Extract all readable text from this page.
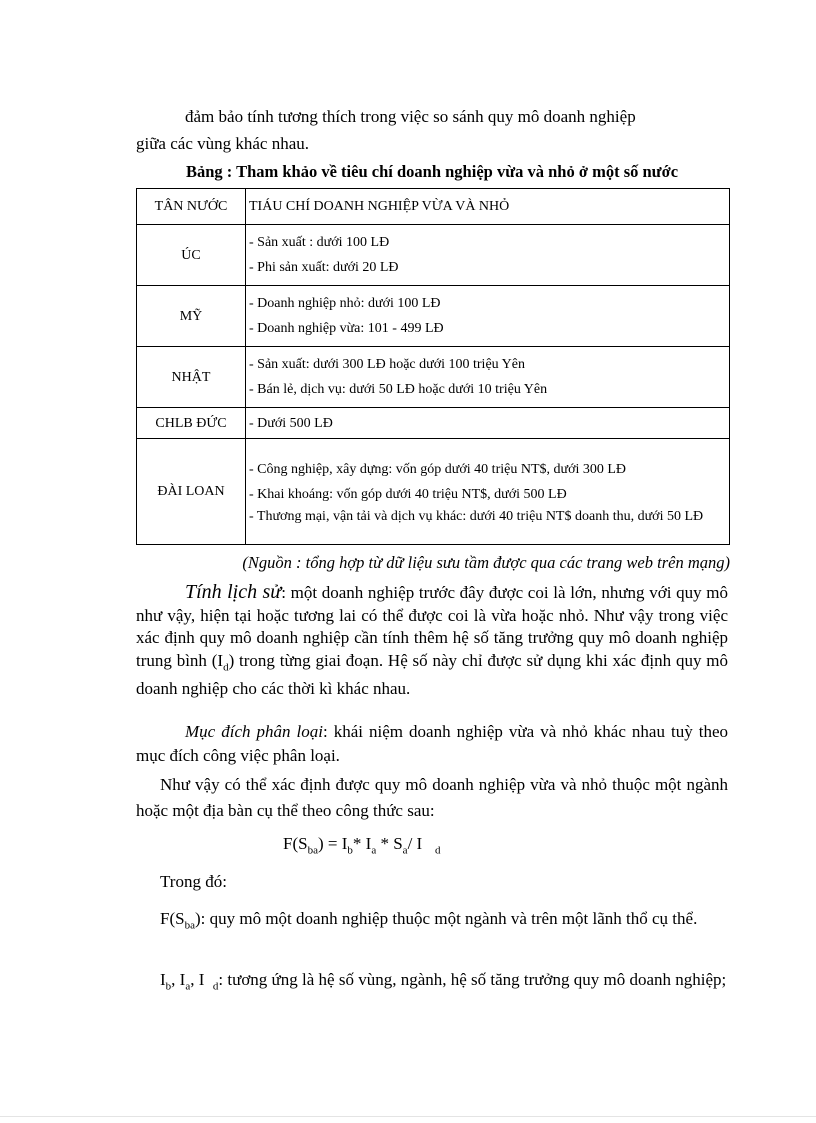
đảm bảo tính tương thích trong việc so sánh quy mô doanh nghiệp
giữa các vùng khác nhau.
Bảng : Tham khảo về tiêu chí doanh nghiệp vừa và nhỏ ở một số nước
TÂN NƯỚC	TIÁU CHÍ DOANH NGHIỆP VỪA VÀ NHỎ
ÚC	- Sản xuất : dưới 100 LĐ
- Phi sản xuất: dưới 20 LĐ

MỸ	- Doanh nghiệp nhỏ: dưới 100 LĐ
- Doanh nghiệp vừa: 101 - 499 LĐ

NHẬT	- Sản xuất: dưới 300 LĐ hoặc dưới 100 triệu Yên
- Bán lẻ, dịch vụ: dưới 50 LĐ hoặc dưới 10 triệu Yên

CHLB ĐỨC	- Dưới 500 LĐ

ĐÀI LOAN	- Công nghiệp, xây dựng: vốn góp dưới 40 triệu NT$, dưới 300 LĐ
- Khai khoáng: vốn góp dưới 40 triệu NT$, dưới 500 LĐ
- Thương mại, vận tải và dịch vụ khác: dưới 40 triệu NT$ doanh thu, dưới 50 LĐ
(Nguồn : tổng hợp từ dữ liệu sưu tầm được qua các trang web trên mạng)
Tính lịch sử: một doanh nghiệp trước đây được coi là lớn, nhưng với quy mô như vậy, hiện tại hoặc tương lai có thể được coi là vừa hoặc nhỏ. Như vậy trong việc xác định quy mô doanh nghiệp cần tính thêm hệ số tăng trưởng quy mô doanh nghiệp trung bình $(I_d)$ trong từng giai đoạn. Hệ số này chỉ được sử dụng khi xác định quy mô doanh nghiệp cho các thời kì khác nhau.
Mục đích phân loại: khái niệm doanh nghiệp vừa và nhỏ khác nhau tuỳ theo mục đích công việc phân loại.
Như vậy có thể xác định được quy mô doanh nghiệp vừa và nhỏ thuộc một ngành hoặc một địa bàn cụ thể theo công thức sau:
$F(S_{ba}) = I_b*$ $I_a * S_a/$ I $_d$
Trong đó:
$F(S_{ba})$: quy mô một doanh nghiệp thuộc một ngành và trên một lãnh thổ cụ thể.
$I_b$, $I_a$, I $_d$: tương ứng là hệ số vùng, ngành, hệ số tăng trưởng quy mô doanh nghiệp;
